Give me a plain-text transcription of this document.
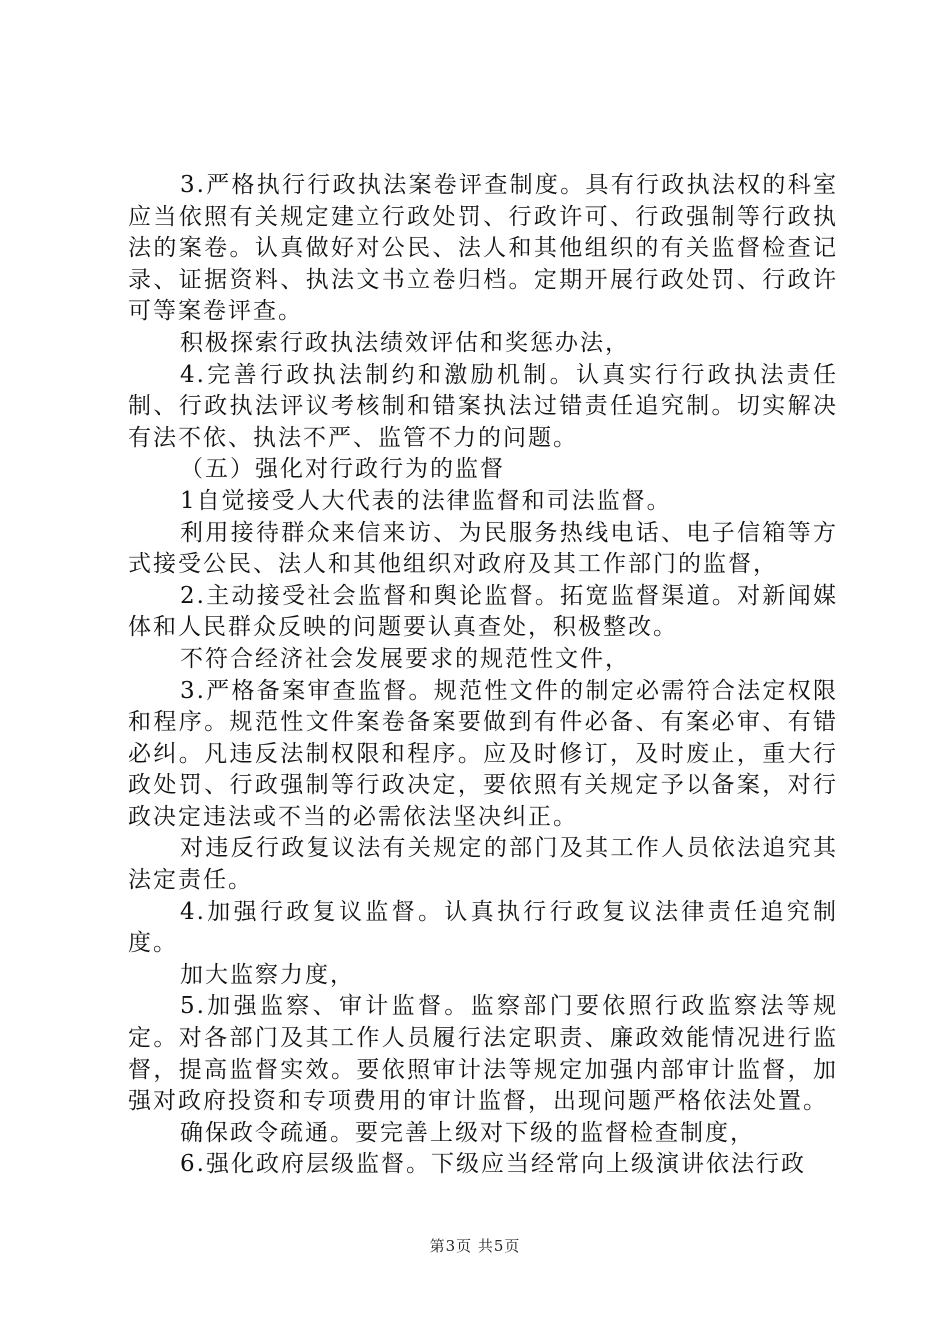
3.严格执行行政执法案卷评查制度。具有行政执法权的科室应当依照有关规定建立行政处罚、行政许可、行政强制等行政执法的案卷。认真做好对公民、法人和其他组织的有关监督检查记录、证据资料、执法文书立卷归档。定期开展行政处罚、行政许可等案卷评查。

积极探索行政执法绩效评估和奖惩办法，

4.完善行政执法制约和激励机制。认真实行行政执法责任制、行政执法评议考核制和错案执法过错责任追究制。切实解决有法不依、执法不严、监管不力的问题。

（五）强化对行政行为的监督

1自觉接受人大代表的法律监督和司法监督。

利用接待群众来信来访、为民服务热线电话、电子信箱等方式接受公民、法人和其他组织对政府及其工作部门的监督，

2.主动接受社会监督和舆论监督。拓宽监督渠道。对新闻媒体和人民群众反映的问题要认真查处，积极整改。

不符合经济社会发展要求的规范性文件，

3.严格备案审查监督。规范性文件的制定必需符合法定权限和程序。规范性文件案卷备案要做到有件必备、有案必审、有错必纠。凡违反法制权限和程序。应及时修订，及时废止，重大行政处罚、行政强制等行政决定，要依照有关规定予以备案，对行政决定违法或不当的必需依法坚决纠正。

对违反行政复议法有关规定的部门及其工作人员依法追究其法定责任。

4.加强行政复议监督。认真执行行政复议法律责任追究制度。

加大监察力度，

5.加强监察、审计监督。监察部门要依照行政监察法等规定。对各部门及其工作人员履行法定职责、廉政效能情况进行监督，提高监督实效。要依照审计法等规定加强内部审计监督，加强对政府投资和专项费用的审计监督，出现问题严格依法处置。

确保政令疏通。要完善上级对下级的监督检查制度，

6.强化政府层级监督。下级应当经常向上级演讲依法行政

第3页 共5页
